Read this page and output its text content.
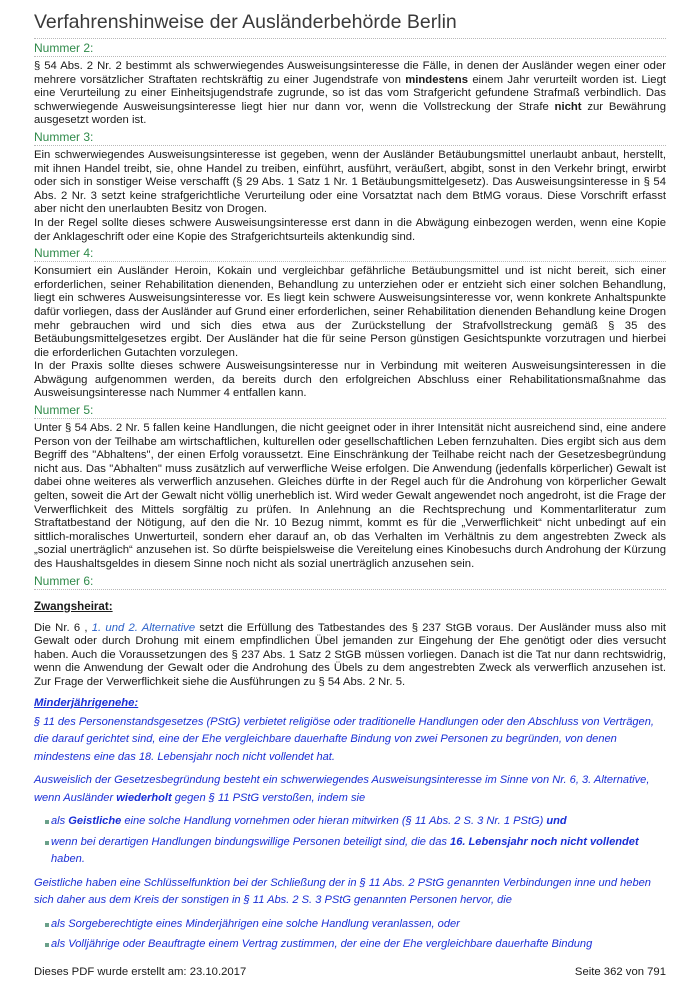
Verfahrenshinweise der Ausländerbehörde Berlin
Nummer 2:

§ 54 Abs. 2 Nr. 2 bestimmt als schwerwiegendes Ausweisungsinteresse die Fälle, in denen der Ausländer wegen einer oder mehrere vorsätzlicher Straftaten rechtskräftig zu einer Jugendstrafe von mindestens einem Jahr verurteilt worden ist. Liegt eine Verurteilung zu einer Einheitsjugendstrafe zugrunde, so ist das vom Strafgericht gefundene Strafmaß verbindlich. Das schwerwiegende Ausweisungsinteresse liegt hier nur dann vor, wenn die Vollstreckung der Strafe nicht zur Bewährung ausgesetzt worden ist.

Nummer 3:

Ein schwerwiegendes Ausweisungsinteresse ist gegeben, wenn der Ausländer Betäubungsmittel unerlaubt anbaut, herstellt, mit ihnen Handel treibt, sie, ohne Handel zu treiben, einführt, ausführt, veräußert, abgibt, sonst in den Verkehr bringt, erwirbt oder sich in sonstiger Weise verschafft (§ 29 Abs. 1 Satz 1 Nr. 1 Betäubungsmittelgesetz). Das Ausweisungsinteresse in § 54 Abs. 2 Nr. 3 setzt keine strafgerichtliche Verurteilung oder eine Vorsatztat nach dem BtMG voraus. Diese Vorschrift erfasst aber nicht den unerlaubten Besitz von Drogen.

In der Regel sollte dieses schwere Ausweisungsinteresse erst dann in die Abwägung einbezogen werden, wenn eine Kopie der Anklageschrift oder eine Kopie des Strafgerichtsurteils aktenkundig sind.

Nummer 4:

Konsumiert ein Ausländer Heroin, Kokain und vergleichbar gefährliche Betäubungsmittel und ist nicht bereit, sich einer erforderlichen, seiner Rehabilitation dienenden, Behandlung zu unterziehen oder er entzieht sich einer solchen Behandlung, liegt ein schweres Ausweisungsinteresse vor. Es liegt kein schwere Ausweisungsinteresse vor, wenn konkrete Anhaltspunkte dafür vorliegen, dass der Ausländer auf Grund einer erforderlichen, seiner Rehabilitation dienenden Behandlung keine Drogen mehr gebrauchen wird und sich dies etwa aus der Zurückstellung der Strafvollstreckung gemäß § 35 des Betäubungsmittelgesetzes ergibt. Der Ausländer hat die für seine Person günstigen Gesichtspunkte vorzutragen und hierbei die erforderlichen Gutachten vorzulegen.

In der Praxis sollte dieses schwere Ausweisungsinteresse nur in Verbindung mit weiteren Ausweisungsinteressen in die Abwägung aufgenommen werden, da bereits durch den erfolgreichen Abschluss einer Rehabilitationsmaßnahme das Ausweisungsinteresse nach Nummer 4 entfallen kann.

Nummer 5:

Unter § 54 Abs. 2 Nr. 5 fallen keine Handlungen, die nicht geeignet oder in ihrer Intensität nicht ausreichend sind, eine andere Person von der Teilhabe am wirtschaftlichen, kulturellen oder gesellschaftlichen Leben fernzuhalten. Dies ergibt sich aus dem Begriff des "Abhaltens", der einen Erfolg voraussetzt. Eine Einschränkung der Teilhabe reicht nach der Gesetzesbegründung nicht aus. Das "Abhalten" muss zusätzlich auf verwerfliche Weise erfolgen. Die Anwendung (jedenfalls körperlicher) Gewalt ist dabei ohne weiteres als verwerflich anzusehen. Gleiches dürfte in der Regel auch für die Androhung von körperlicher Gewalt gelten, soweit die Art der Gewalt nicht völlig unerheblich ist. Wird weder Gewalt angewendet noch angedroht, ist die Frage der Verwerflichkeit des Mittels sorgfältig zu prüfen. In Anlehnung an die Rechtsprechung und Kommentarliteratur zum Straftatbestand der Nötigung, auf den die Nr. 10 Bezug nimmt, kommt es für die „Verwerflichkeit“ nicht unbedingt auf ein sittlich-moralisches Unwerturteil, sondern eher darauf an, ob das Verhalten im Verhältnis zu dem angestrebten Zweck als „sozial unerträglich“ anzusehen ist. So dürfte beispielsweise die Vereitelung eines Kinobesuchs durch Androhung der Kürzung des Haushaltsgeldes in diesem Sinne noch nicht als sozial unerträglich anzusehen sein.

Nummer 6:
Zwangsheirat:
Die Nr. 6 , 1. und 2. Alternative setzt die Erfüllung des Tatbestandes des § 237 StGB voraus. Der Ausländer muss also mit Gewalt oder durch Drohung mit einem empfindlichen Übel jemanden zur Eingehung der Ehe genötigt oder dies versucht haben. Auch die Voraussetzungen des § 237 Abs. 1 Satz 2 StGB müssen vorliegen. Danach ist die Tat nur dann rechtswidrig, wenn die Anwendung der Gewalt oder die Androhung des Übels zu dem angestrebten Zweck als verwerflich anzusehen ist. Zur Frage der Verwerflichkeit siehe die Ausführungen zu § 54 Abs. 2 Nr. 5.
Minderjährigenehe:

§ 11 des Personenstandsgesetzes (PStG) verbietet religiöse oder traditionelle Handlungen oder den Abschluss von Verträgen, die darauf gerichtet sind, eine der Ehe vergleichbare dauerhafte Bindung von zwei Personen zu begründen, von denen mindestens eine das 18. Lebensjahr noch nicht vollendet hat.

Ausweislich der Gesetzesbegründung besteht ein schwerwiegendes Ausweisungsinteresse im Sinne von Nr. 6, 3. Alternative, wenn Ausländer wiederholt gegen § 11 PStG verstoßen, indem sie

als Geistliche eine solche Handlung vornehmen oder hieran mitwirken (§ 11 Abs. 2 S. 3 Nr. 1 PStG) und
wenn bei derartigen Handlungen bindungswillige Personen beteiligt sind, die das 16. Lebensjahr noch nicht vollendet haben.

Geistliche haben eine Schlüsselfunktion bei der Schließung der in § 11 Abs. 2 PStG genannten Verbindungen inne und heben sich daher aus dem Kreis der sonstigen in § 11 Abs. 2 S. 3 PStG genannten Personen hervor, die

als Sorgeberechtigte eines Minderjährigen eine solche Handlung veranlassen, oder
als Volljährige oder Beauftragte einem Vertrag zustimmen, der eine der Ehe vergleichbare dauerhafte Bindung
Dieses PDF wurde erstellt am: 23.10.2017	Seite 362 von 791
